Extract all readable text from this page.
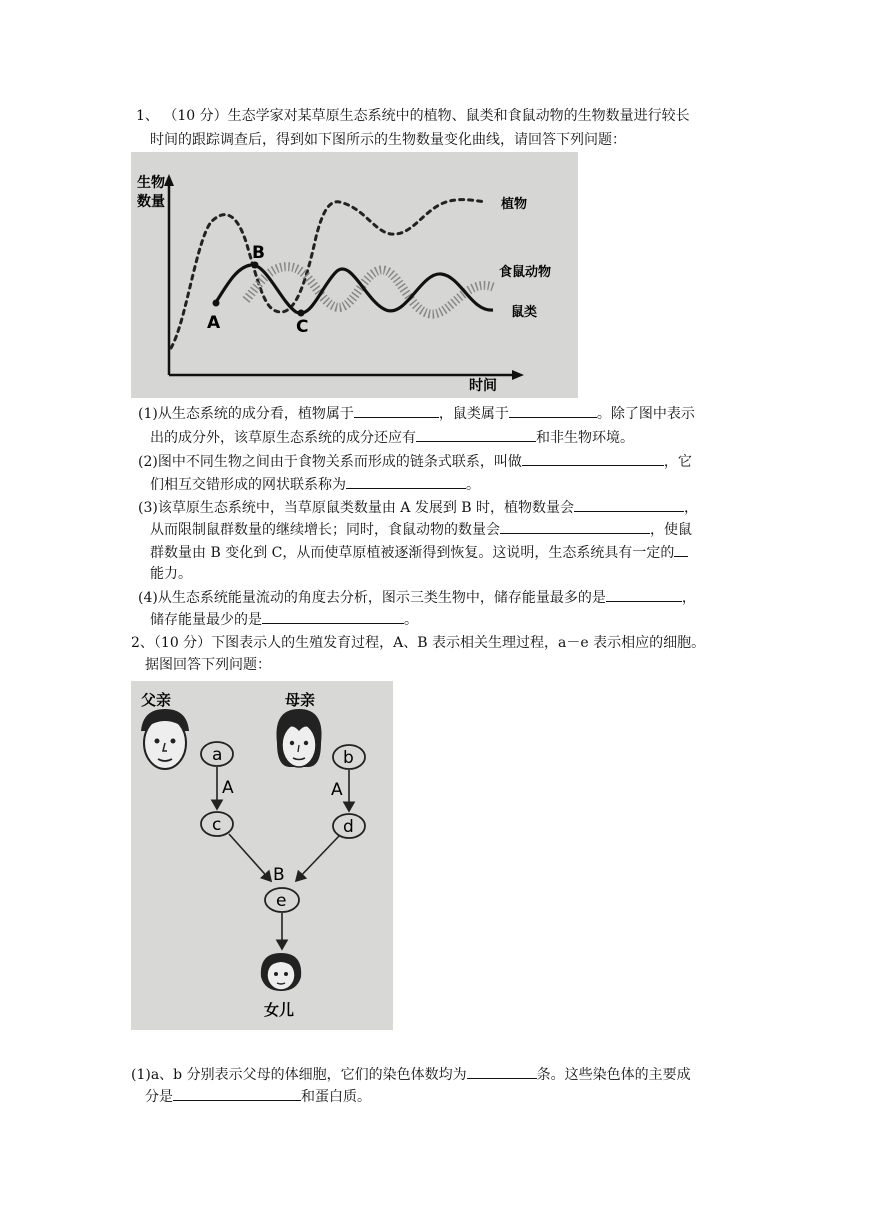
1、 （10 分）生态学家对某草原生态系统中的植物、鼠类和食鼠动物的生物数量进行较长
时间的跟踪调查后，得到如下图所示的生物数量变化曲线，请回答下列问题：
生物
数量
时间
A
B
C
植物
食鼠动物
鼠类
(1)从生态系统的成分看，植物属于	，鼠类属于	。除了图中表示
出的成分外，该草原生态系统的成分还应有	和非生物环境。
(2)图中不同生物之间由于食物关系而形成的链条式联系，叫做	，它
们相互交错形成的网状联系称为	。
(3)该草原生态系统中，当草原鼠类数量由 A 发展到 B 时，植物数量会	，
从而限制鼠群数量的继续增长；同时，食鼠动物的数量会	，使鼠
群数量由 B 变化到 C，从而使草原植被逐渐得到恢复。这说明，生态系统具有一定的
能力。
(4)从生态系统能量流动的角度去分析，图示三类生物中，储存能量最多的是	，
储存能量最少的是	。
2、（10 分）下图表示人的生殖发育过程，A、B 表示相关生理过程，a－e 表示相应的细胞。
据图回答下列问题：
父亲	母亲
a	b
A	A
c	d
B
e
女儿
(1)a、b 分别表示父母的体细胞，它们的染色体数均为	条。这些染色体的主要成
分是	和蛋白质。
